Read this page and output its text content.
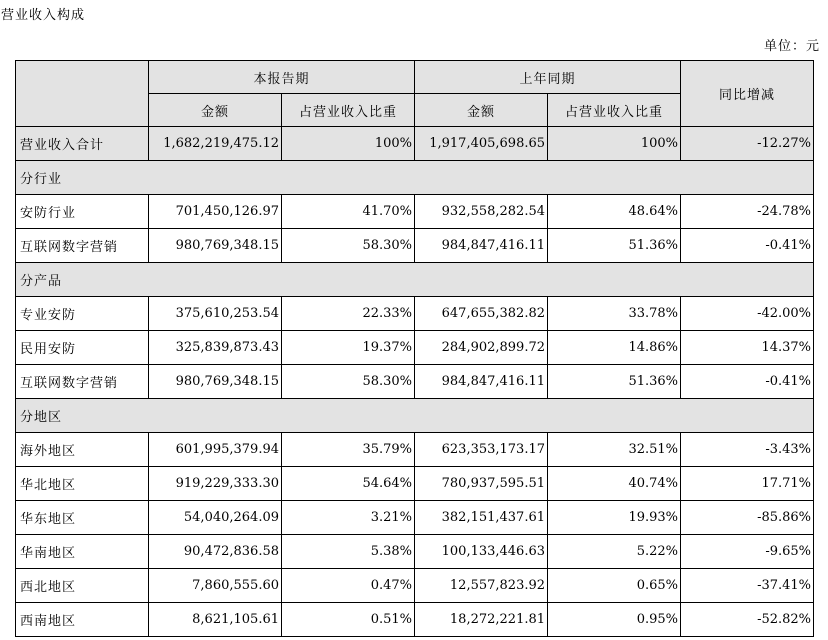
营业收入构成
单位：元
	本报告期		上年同期		同比增减
	金额	占营业收入比重	金额	占营业收入比重	
营业收入合计	1,682,219,475.12	100%	1,917,405,698.65	100%	-12.27%
分行业					
安防行业	701,450,126.97	41.70%	932,558,282.54	48.64%	-24.78%
互联网数字营销	980,769,348.15	58.30%	984,847,416.11	51.36%	-0.41%
分产品					
专业安防	375,610,253.54	22.33%	647,655,382.82	33.78%	-42.00%
民用安防	325,839,873.43	19.37%	284,902,899.72	14.86%	14.37%
互联网数字营销	980,769,348.15	58.30%	984,847,416.11	51.36%	-0.41%
分地区					
海外地区	601,995,379.94	35.79%	623,353,173.17	32.51%	-3.43%
华北地区	919,229,333.30	54.64%	780,937,595.51	40.74%	17.71%
华东地区	54,040,264.09	3.21%	382,151,437.61	19.93%	-85.86%
华南地区	90,472,836.58	5.38%	100,133,446.63	5.22%	-9.65%
西北地区	7,860,555.60	0.47%	12,557,823.92	0.65%	-37.41%
西南地区	8,621,105.61	0.51%	18,272,221.81	0.95%	-52.82%
